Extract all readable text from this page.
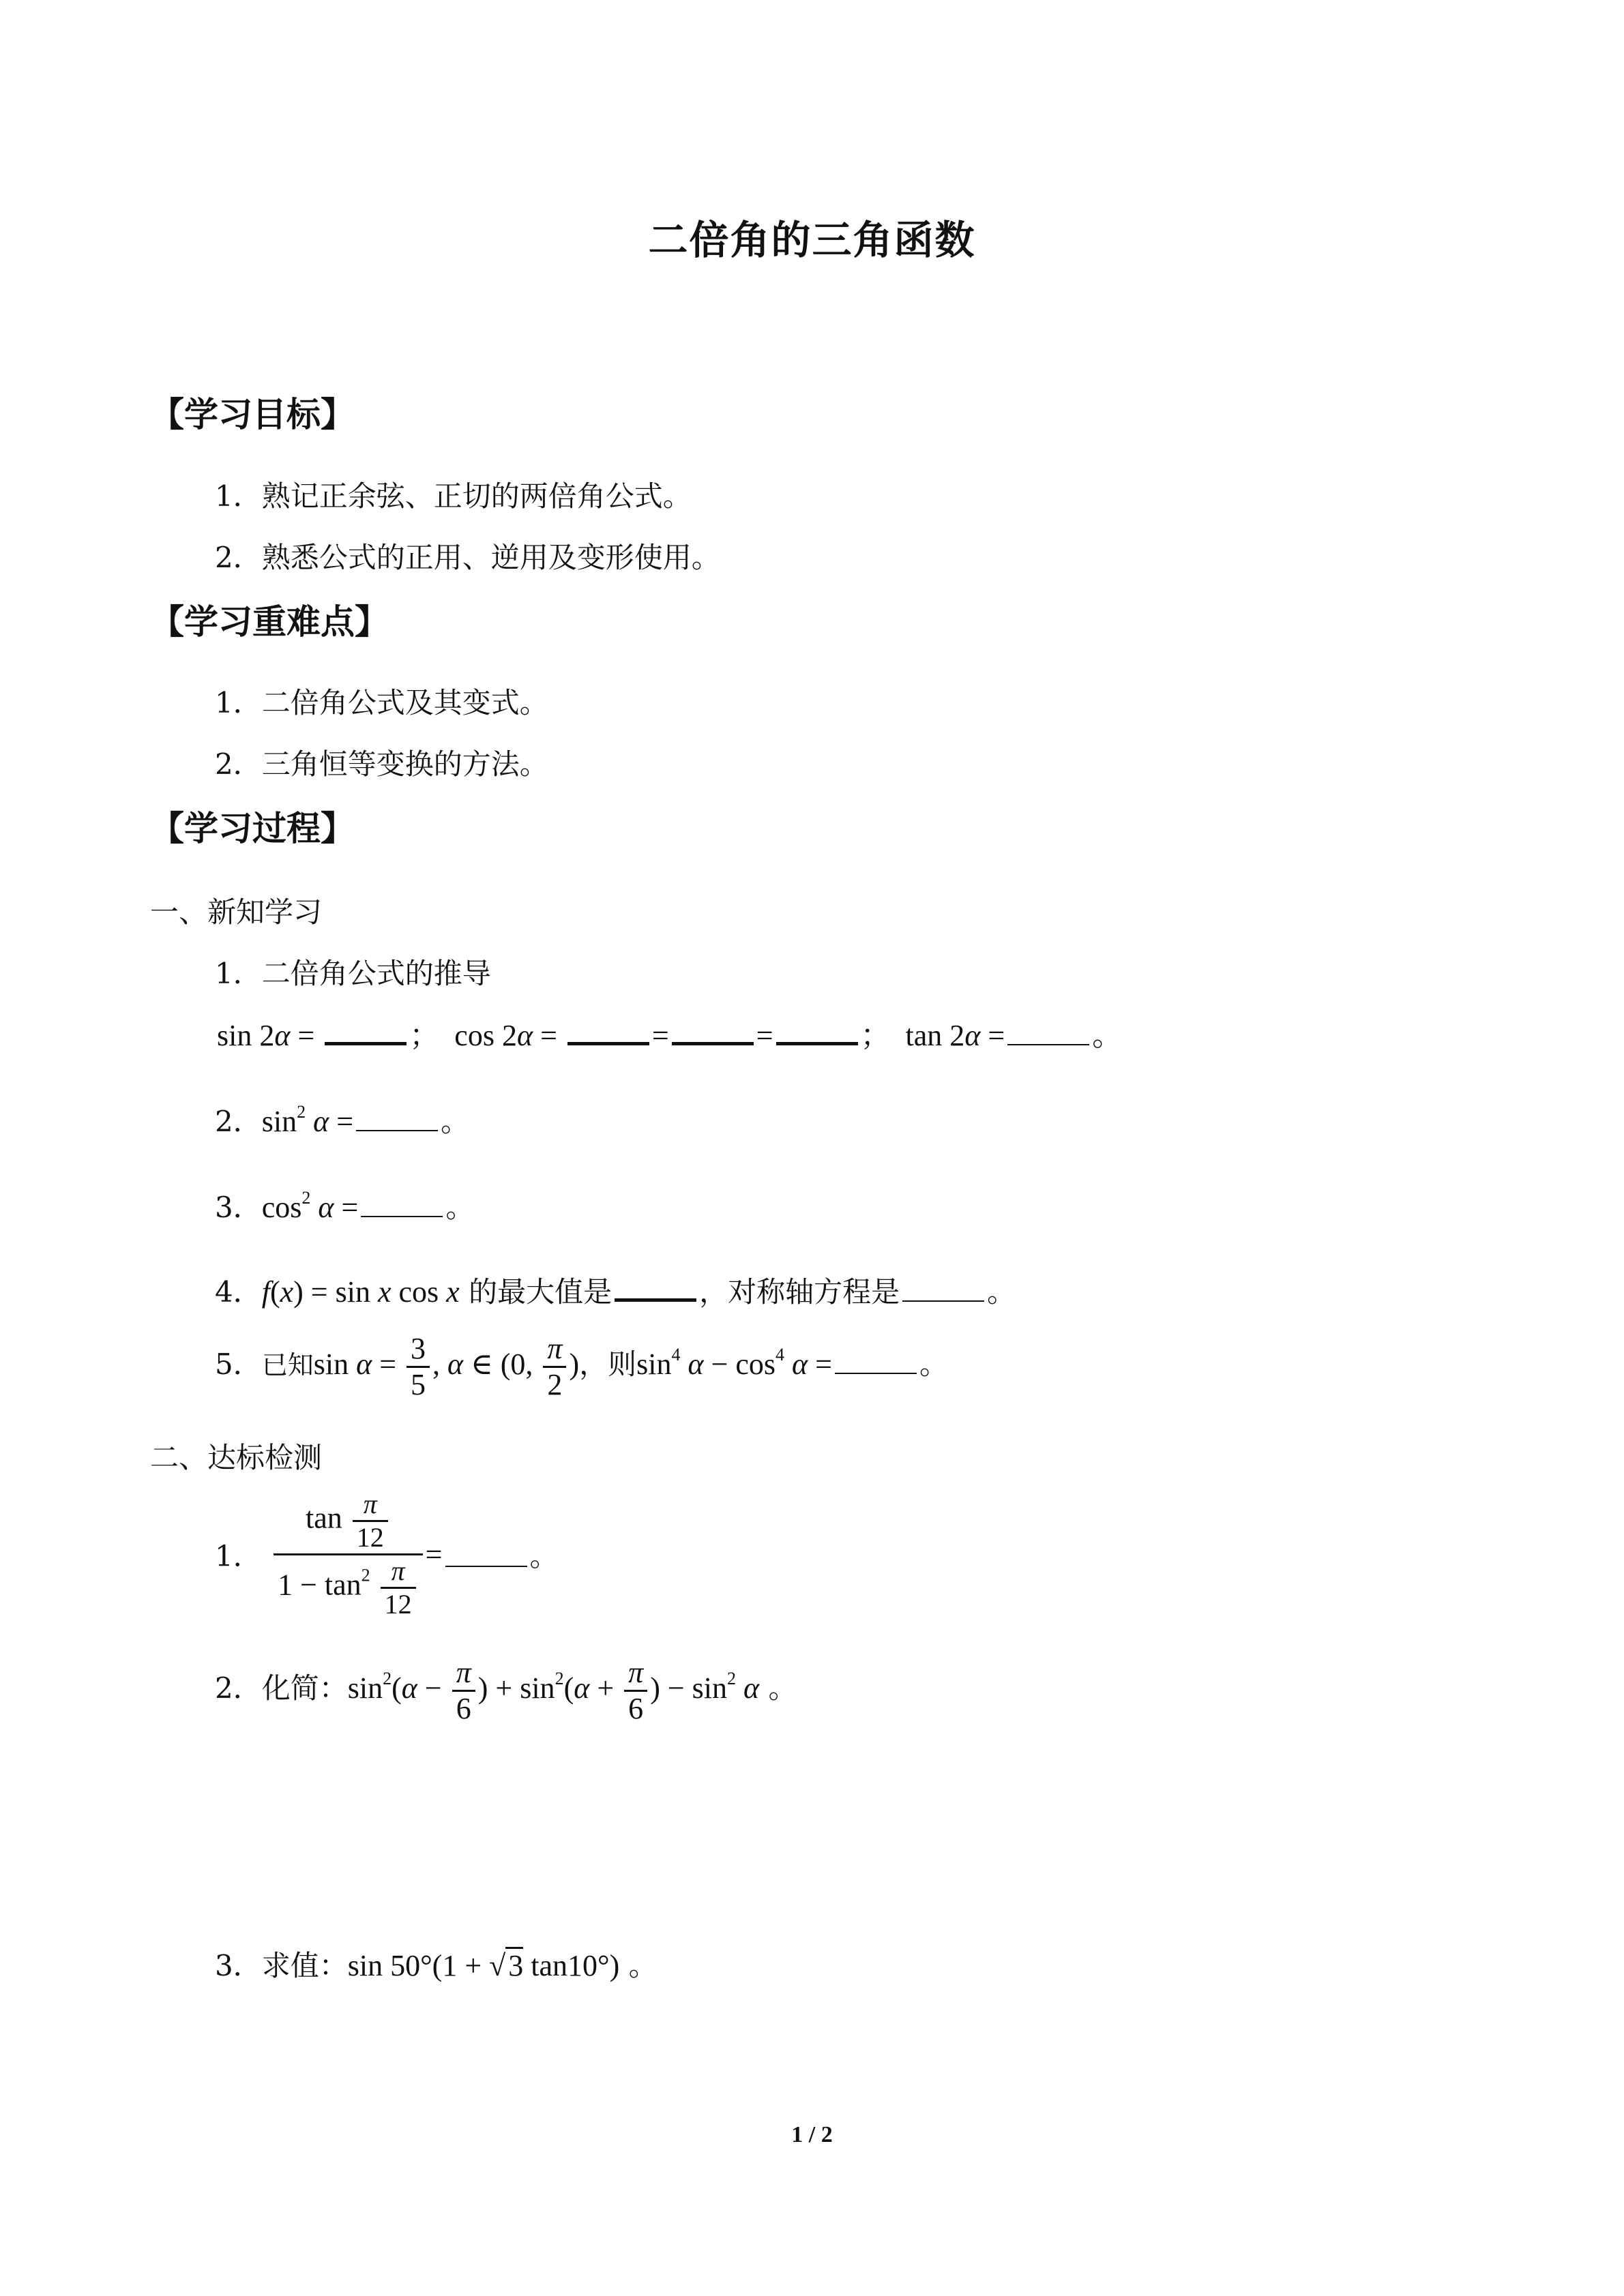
二倍角的三角函数
【学习目标】
1．熟记正余弦、正切的两倍角公式。
2．熟悉公式的正用、逆用及变形使用。
【学习重难点】
1．二倍角公式及其变式。
2．三角恒等变换的方法。
【学习过程】
一、新知学习
1．二倍角公式的推导
sin 2α =	；  cos 2α =	=	=	；  tan 2α =	。
2．$\sin^2 \alpha$ =	。
3．$\cos^2 \alpha$ =	。
4．f(x) = sin x cos x 的最大值是	，对称轴方程是	。
5．已知$\sin \alpha = \frac{3}{5}$ , α ∈ (0, $\frac{\pi}{2}$ )，则$\sin^4 \alpha - \cos^4 \alpha$ =	。
二、达标检测
1． $\frac{\tan \frac{\pi}{12}}{1 - \tan^2 \frac{\pi}{12}}$ =	。
2．化简：$\sin^2(\alpha - \frac{\pi}{6}$ ) + $\sin^2(\alpha + \frac{\pi}{6}$ ) − $\sin^2 \alpha$ 。
3．求值：sin 50°(1 + √3 tan10°) 。
1 / 2
